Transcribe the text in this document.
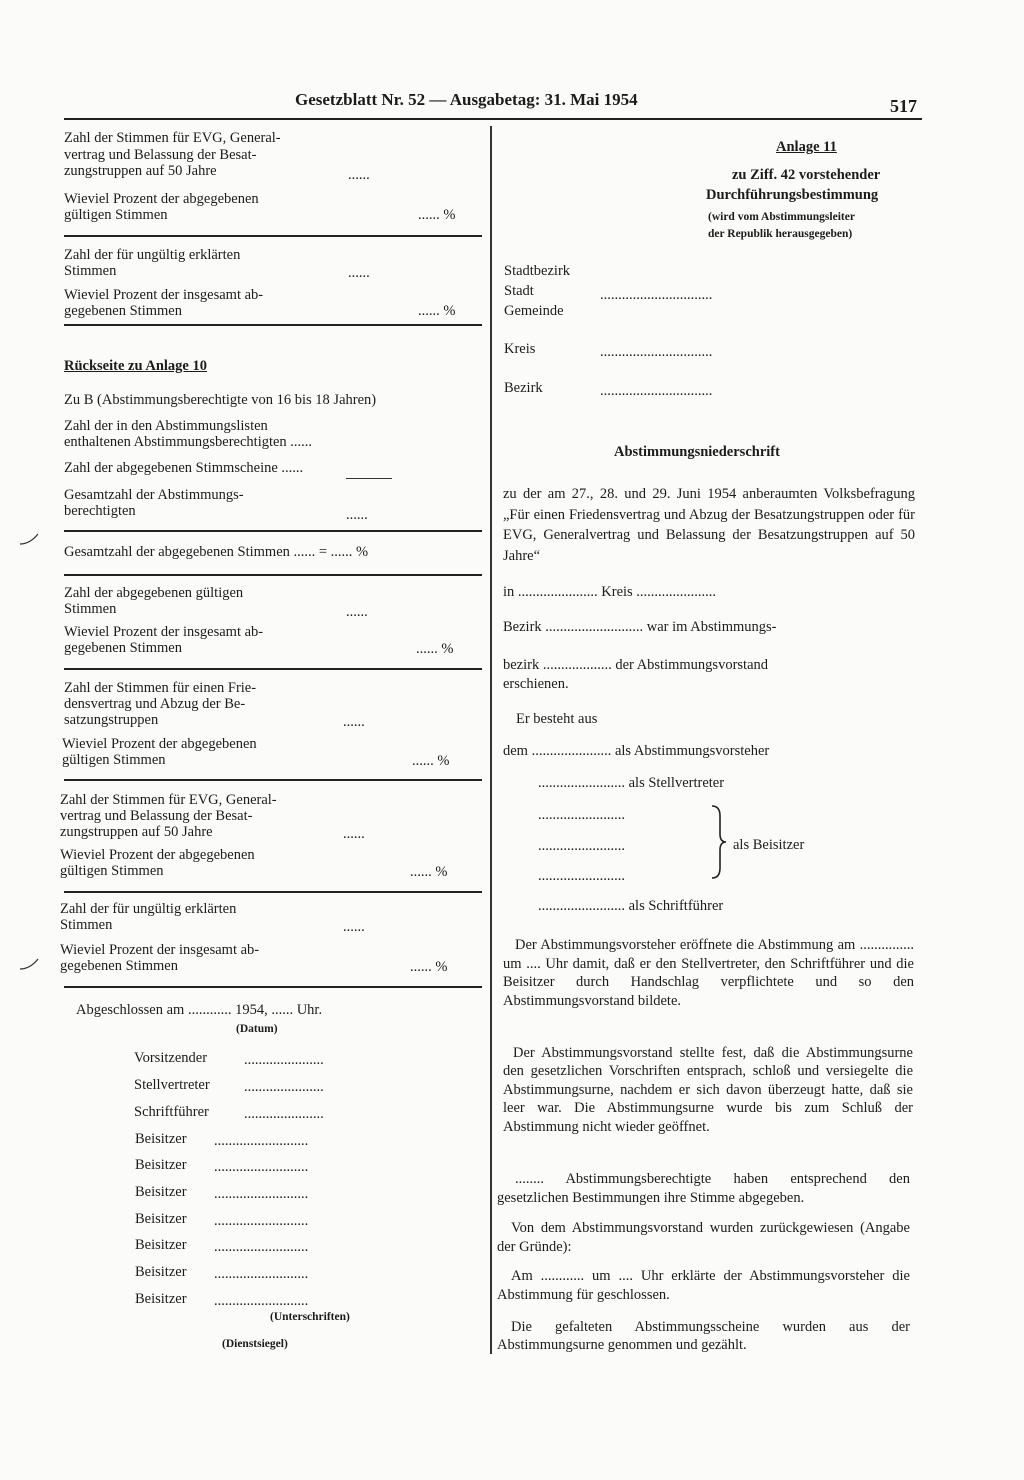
Gesetzblatt Nr. 52 — Ausgabetag: 31. Mai 1954	517
Zahl der Stimmen für EVG, General-
vertrag und Belassung der Besat-
zungstruppen auf 50 Jahre	......
Wieviel Prozent der abgegebenen
gültigen Stimmen	...... %
Zahl der für ungültig erklärten
Stimmen	......
Wieviel Prozent der insgesamt ab-
gegebenen Stimmen	...... %
Rückseite zu Anlage 10
Zu B (Abstimmungsberechtigte von 16 bis 18 Jahren)
Zahl der in den Abstimmungslisten
enthaltenen Abstimmungsberechtigten ......
Zahl der abgegebenen Stimmscheine ......
Gesamtzahl der Abstimmungs-
berechtigten	......
Gesamtzahl der abgegebenen Stimmen ...... = ...... %
Zahl der abgegebenen gültigen
Stimmen	......
Wieviel Prozent der insgesamt ab-
gegebenen Stimmen	...... %
Zahl der Stimmen für einen Frie-
densvertrag und Abzug der Be-
satzungstruppen	......
Wieviel Prozent der abgegebenen
gültigen Stimmen	...... %
Zahl der Stimmen für EVG, General-
vertrag und Belassung der Besat-
zungstruppen auf 50 Jahre	......
Wieviel Prozent der abgegebenen
gültigen Stimmen	...... %
Zahl der für ungültig erklärten
Stimmen	......
Wieviel Prozent der insgesamt ab-
gegebenen Stimmen	...... %
Abgeschlossen am ............ 1954, ...... Uhr.
(Datum)
Vorsitzender	......................
Stellvertreter ......................
Schriftführer ......................
Beisitzer ..........................
Beisitzer ..........................
Beisitzer ..........................
Beisitzer ..........................
Beisitzer ..........................
Beisitzer ..........................
Beisitzer ..........................
(Unterschriften)
(Dienstsiegel)
Anlage 11
zu Ziff. 42 vorstehender
Durchführungsbestimmung
(wird vom Abstimmungsleiter
der Republik herausgegeben)
Stadtbezirk
Stadt
Gemeinde
...............................
Kreis	...............................
Bezirk	...............................
Abstimmungsniederschrift
zu der am 27., 28. und 29. Juni 1954 anberaumten Volksbefragung „Für einen Friedensvertrag und Abzug der Besatzungstruppen oder für EVG, Generalvertrag und Belassung der Besatzungstruppen auf 50 Jahre“
in ...................... Kreis ......................
Bezirk ........................... war im Abstimmungs-
bezirk ................... der Abstimmungsvorstand
erschienen.
Er besteht aus
dem ...................... als Abstimmungsvorsteher
........................ als Stellvertreter
........................
........................
........................
als Beisitzer
........................ als Schriftführer
Der Abstimmungsvorsteher eröffnete die Abstimmung am ............... um .... Uhr damit, daß er den Stellvertreter, den Schriftführer und die Beisitzer durch Handschlag verpflichtete und so den Abstimmungsvorstand bildete.
Der Abstimmungsvorstand stellte fest, daß die Abstimmungsurne den gesetzlichen Vorschriften entsprach, schloß und versiegelte die Abstimmungsurne, nachdem er sich davon überzeugt hatte, daß sie leer war. Die Abstimmungsurne wurde bis zum Schluß der Abstimmung nicht wieder geöffnet.
........ Abstimmungsberechtigte haben entsprechend den gesetzlichen Bestimmungen ihre Stimme abgegeben.
Von dem Abstimmungsvorstand wurden zurückgewiesen (Angabe der Gründe):
Am ............ um .... Uhr erklärte der Abstimmungsvorsteher die Abstimmung für geschlossen.
Die gefalteten Abstimmungsscheine wurden aus der Abstimmungsurne genommen und gezählt.
